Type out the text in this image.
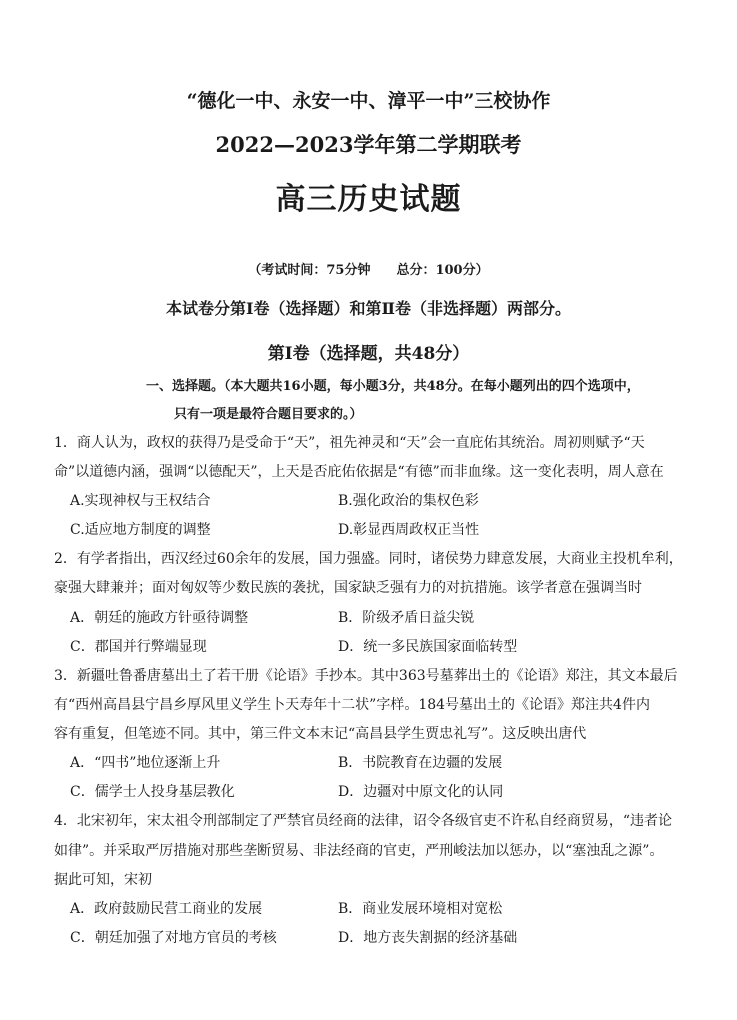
“德化一中、永安一中、漳平一中”三校协作
2022—2023学年第二学期联考
高三历史试题
（考试时间：75分钟　　总分：100分）
本试卷分第Ⅰ卷（选择题）和第Ⅱ卷（非选择题）两部分。
第Ⅰ卷（选择题，共48分）
一、选择题。（本大题共16小题，每小题3分，共48分。在每小题列出的四个选项中，
只有一项是最符合题目要求的。）
1．商人认为，政权的获得乃是受命于“天”，祖先神灵和“天”会一直庇佑其统治。周初则赋予“天
命”以道德内涵，强调“以德配天”，上天是否庇佑依据是“有德”而非血缘。这一变化表明，周人意在
A.实现神权与王权结合	B.强化政治的集权色彩
C.适应地方制度的调整	D.彰显西周政权正当性
2．有学者指出，西汉经过60余年的发展，国力强盛。同时，诸侯势力肆意发展，大商业主投机牟利，
豪强大肆兼并；面对匈奴等少数民族的袭扰，国家缺乏强有力的对抗措施。该学者意在强调当时
A．朝廷的施政方针亟待调整	B．阶级矛盾日益尖锐
C．郡国并行弊端显现	D．统一多民族国家面临转型
3．新疆吐鲁番唐墓出土了若干册《论语》手抄本。其中363号墓葬出土的《论语》郑注，其文本最后
有“西州高昌县宁昌乡厚风里义学生卜天寿年十二状”字样。184号墓出土的《论语》郑注共4件内
容有重复，但笔迹不同。其中，第三件文本末记“高昌县学生贾忠礼写”。这反映出唐代
A．“四书”地位逐渐上升	B．书院教育在边疆的发展
C．儒学士人投身基层教化	D．边疆对中原文化的认同
4．北宋初年，宋太祖令刑部制定了严禁官员经商的法律，诏令各级官吏不许私自经商贸易，“违者论
如律”。并采取严厉措施对那些垄断贸易、非法经商的官吏，严刑峻法加以惩办，以“塞浊乱之源”。
据此可知，宋初
A．政府鼓励民营工商业的发展	B．商业发展环境相对宽松
C．朝廷加强了对地方官员的考核	D．地方丧失割据的经济基础
